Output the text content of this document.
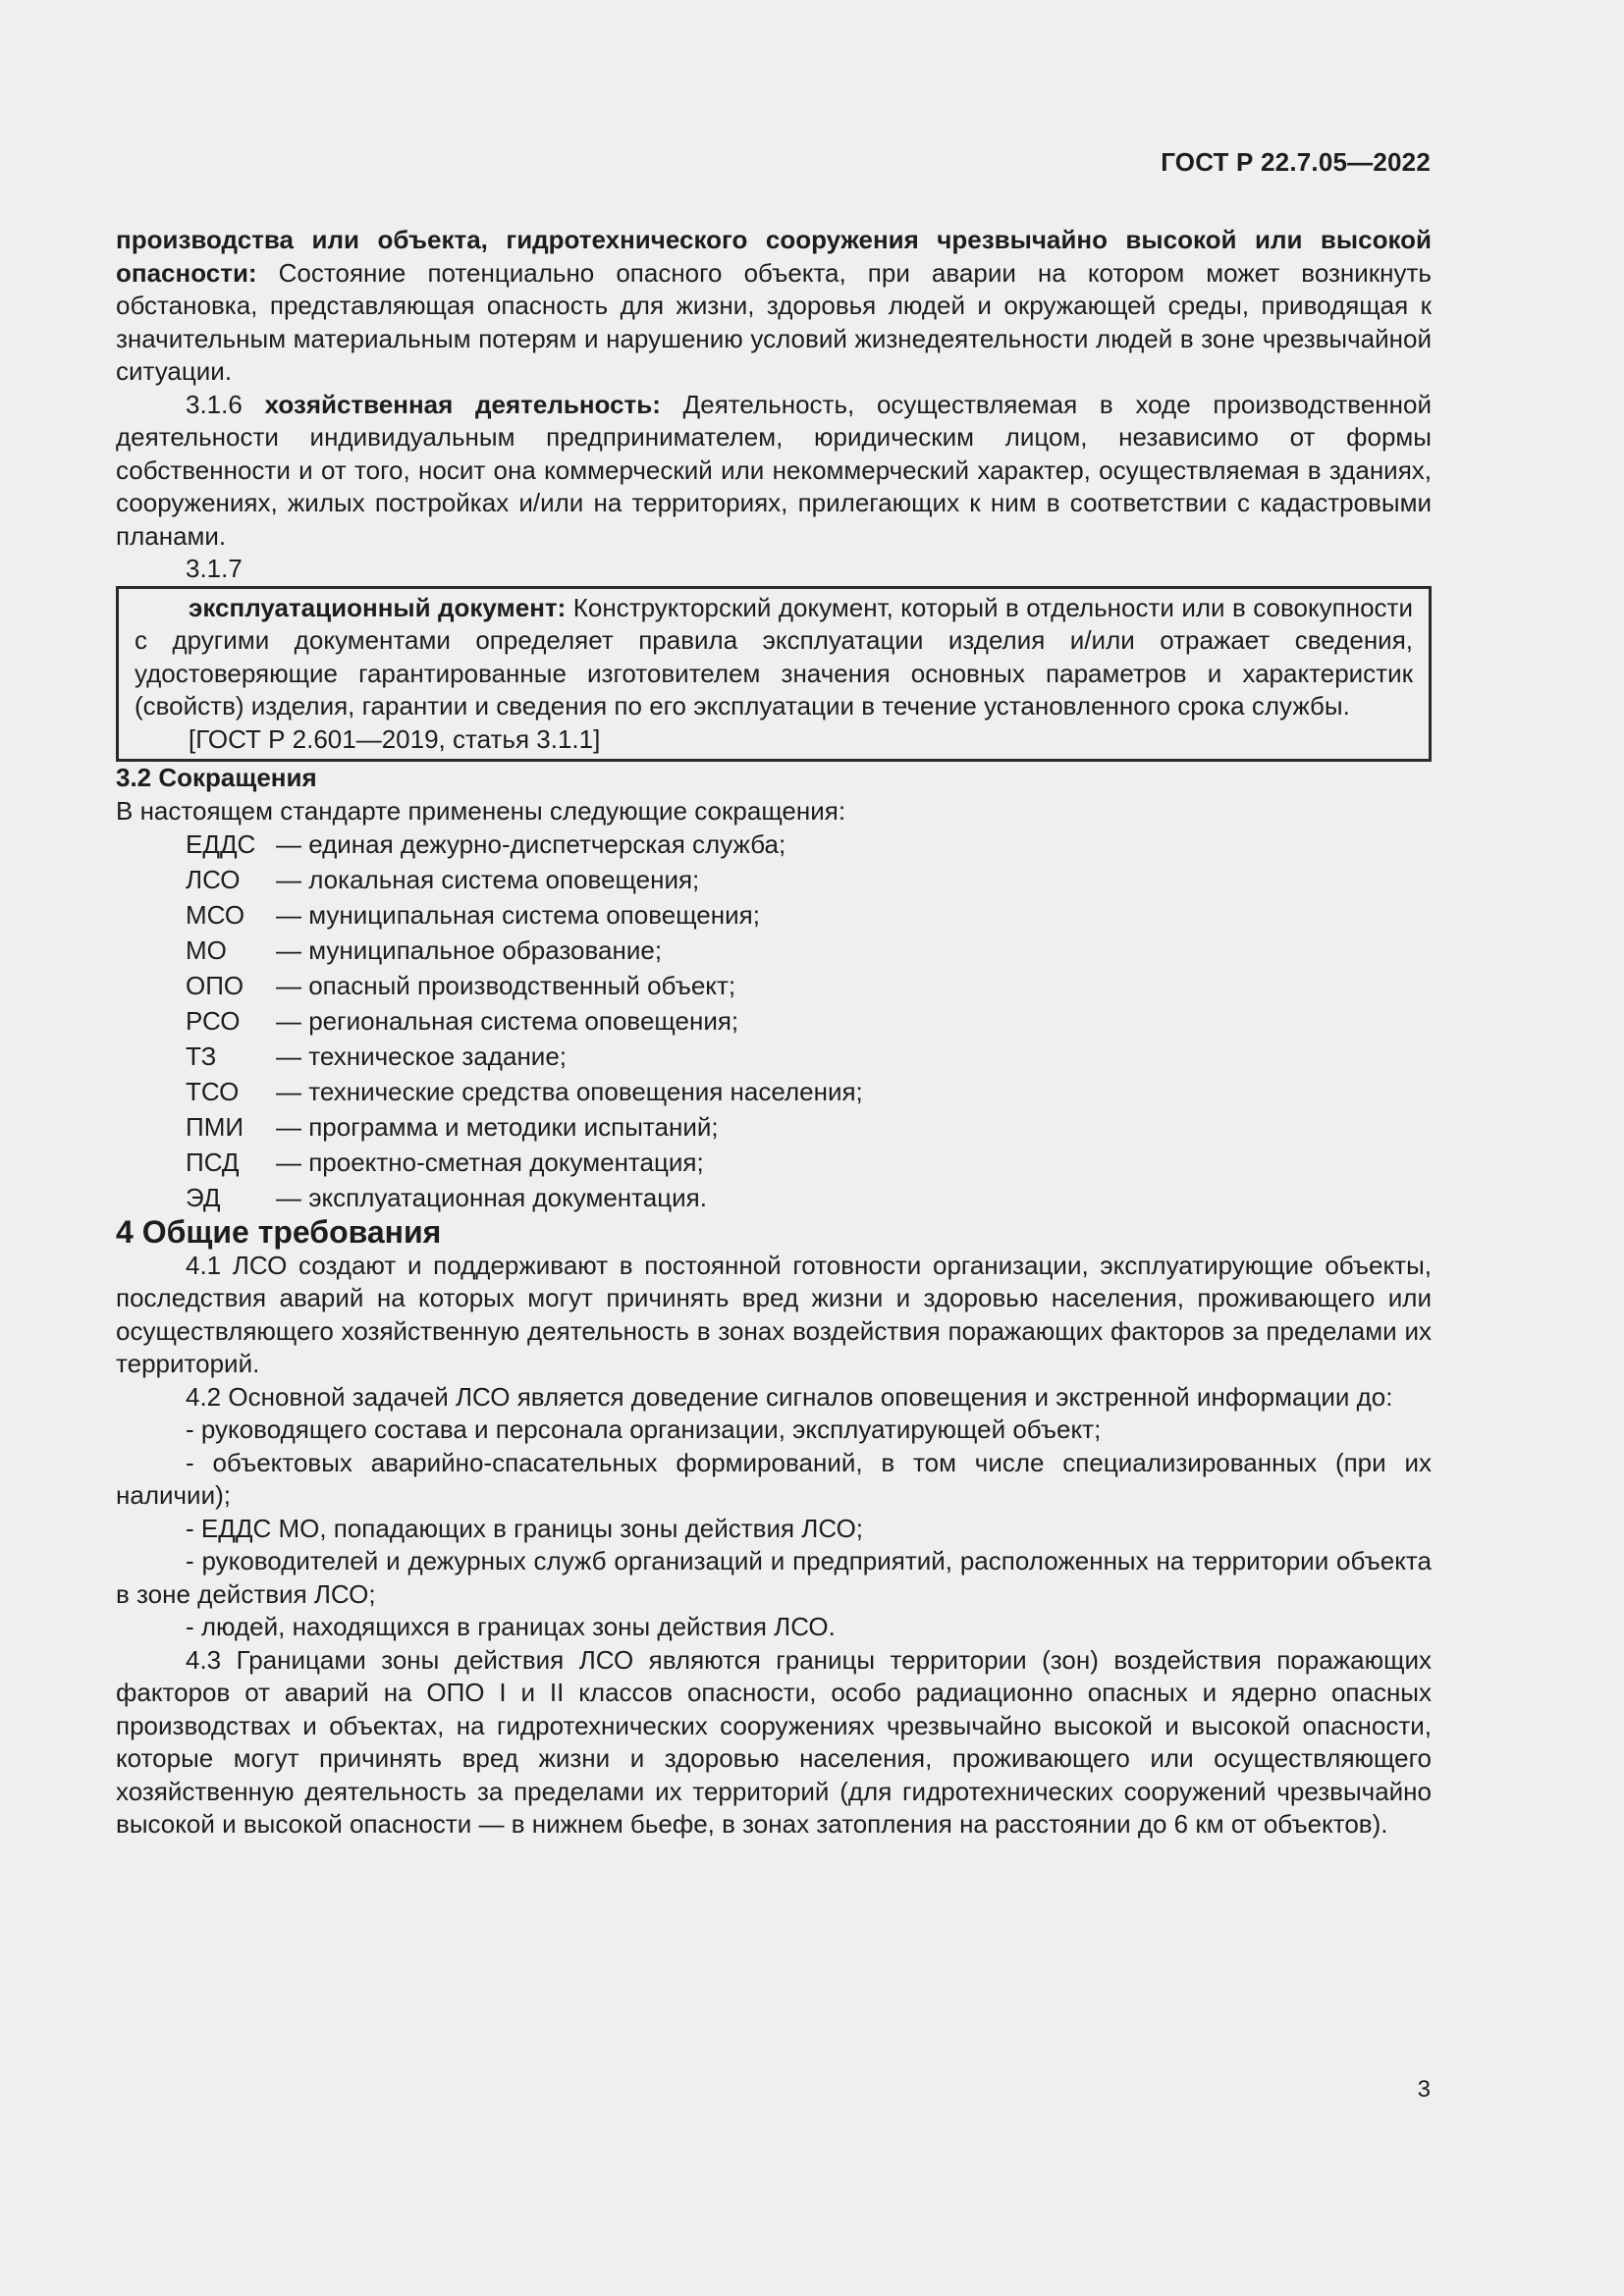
ГОСТ Р 22.7.05—2022

производства или объекта, гидротехнического сооружения чрезвычайно высокой или высокой опасности: Состояние потенциально опасного объекта, при аварии на котором может возникнуть обстановка, представляющая опасность для жизни, здоровья людей и окружающей среды, приводящая к значительным материальным потерям и нарушению условий жизнедеятельности людей в зоне чрезвычайной ситуации.

3.1.6 хозяйственная деятельность: Деятельность, осуществляемая в ходе производственной деятельности индивидуальным предпринимателем, юридическим лицом, независимо от формы собственности и от того, носит она коммерческий или некоммерческий характер, осуществляемая в зданиях, сооружениях, жилых постройках и/или на территориях, прилегающих к ним в соответствии с кадастровыми планами.

3.1.7

эксплуатационный документ: Конструкторский документ, который в отдельности или в совокупности с другими документами определяет правила эксплуатации изделия и/или отражает сведения, удостоверяющие гарантированные изготовителем значения основных параметров и характеристик (свойств) изделия, гарантии и сведения по его эксплуатации в течение установленного срока службы.

[ГОСТ Р 2.601—2019, статья 3.1.1]

3.2 Сокращения

В настоящем стандарте применены следующие сокращения:

ЕДДС — единая дежурно-диспетчерская служба;
ЛСО	— локальная система оповещения;
МСО	— муниципальная система оповещения;
МО	— муниципальное образование;
ОПО	— опасный производственный объект;
РСО	— региональная система оповещения;
ТЗ	— техническое задание;
ТСО	— технические средства оповещения населения;
ПМИ	— программа и методики испытаний;
ПСД	— проектно-сметная документация;
ЭД	— эксплуатационная документация.

4 Общие требования

4.1 ЛСО создают и поддерживают в постоянной готовности организации, эксплуатирующие объекты, последствия аварий на которых могут причинять вред жизни и здоровью населения, проживающего или осуществляющего хозяйственную деятельность в зонах воздействия поражающих факторов за пределами их территорий.

4.2 Основной задачей ЛСО является доведение сигналов оповещения и экстренной информации до:

- руководящего состава и персонала организации, эксплуатирующей объект;

- объектовых аварийно-спасательных формирований, в том числе специализированных (при их наличии);

- ЕДДС МО, попадающих в границы зоны действия ЛСО;

- руководителей и дежурных служб организаций и предприятий, расположенных на территории объекта в зоне действия ЛСО;

- людей, находящихся в границах зоны действия ЛСО.

4.3 Границами зоны действия ЛСО являются границы территории (зон) воздействия поражающих факторов от аварий на ОПО I и II классов опасности, особо радиационно опасных и ядерно опасных производствах и объектах, на гидротехнических сооружениях чрезвычайно высокой и высокой опасности, которые могут причинять вред жизни и здоровью населения, проживающего или осуществляющего хозяйственную деятельность за пределами их территорий (для гидротехнических сооружений чрезвычайно высокой и высокой опасности — в нижнем бьефе, в зонах затопления на расстоянии до 6 км от объектов).

3
